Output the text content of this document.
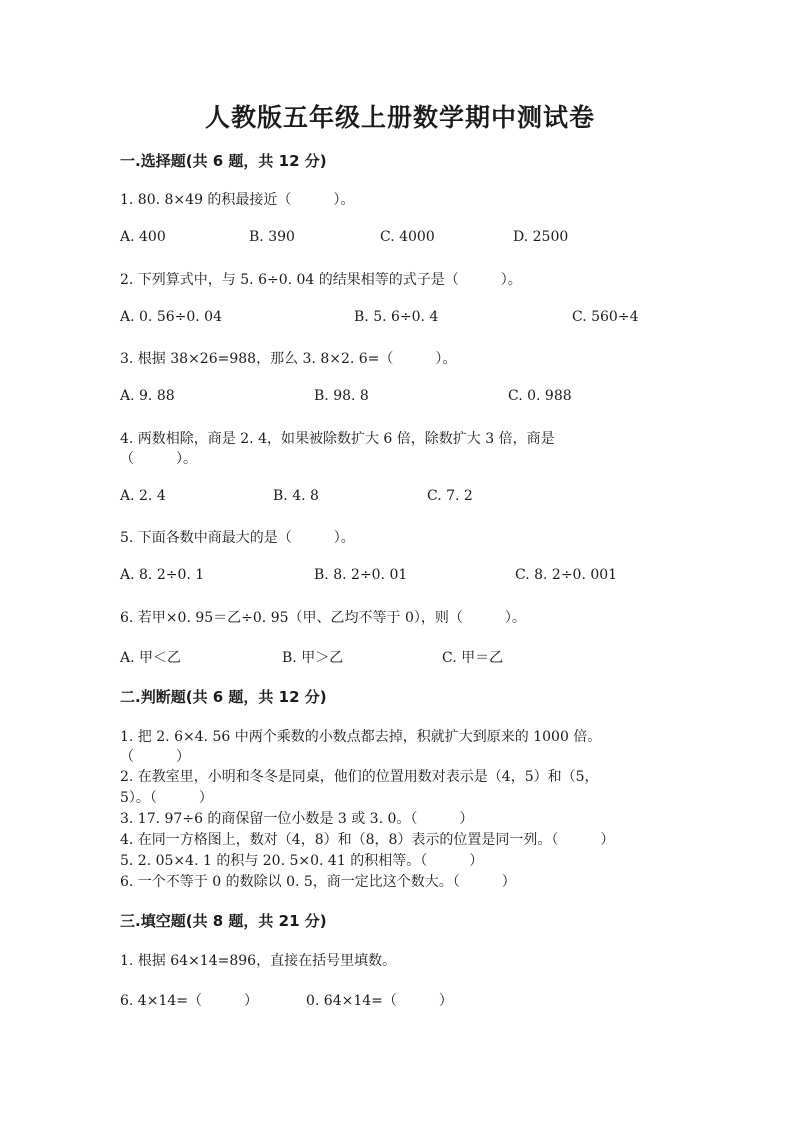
人教版五年级上册数学期中测试卷
一.选择题(共 6 题，共 12 分)
1. 80. 8×49 的积最接近（　　　）。
A. 400	B. 390	C. 4000	D. 2500
2. 下列算式中，与 5. 6÷0. 04 的结果相等的式子是（　　　）。
A. 0. 56÷0. 04	B. 5. 6÷0. 4	C. 560÷4
3. 根据 38×26=988，那么 3. 8×2. 6=（　　　）。
A. 9. 88	B. 98. 8	C. 0. 988
4. 两数相除，商是 2. 4，如果被除数扩大 6 倍，除数扩大 3 倍，商是
（　　　）。
A. 2. 4	B. 4. 8	C. 7. 2
5. 下面各数中商最大的是（　　　）。
A. 8. 2÷0. 1	B. 8. 2÷0. 01	C. 8. 2÷0. 001
6. 若甲×0. 95＝乙÷0. 95（甲、乙均不等于 0），则（　　　）。
A. 甲＜乙	B. 甲＞乙	C. 甲＝乙
二.判断题(共 6 题，共 12 分)
1. 把 2. 6×4. 56 中两个乘数的小数点都去掉，积就扩大到原来的 1000 倍。
（　　　）
2. 在教室里，小明和冬冬是同桌，他们的位置用数对表示是（4，5）和（5，
5）。（　　　）
3. 17. 97÷6 的商保留一位小数是 3 或 3. 0。（　　　）
4. 在同一方格图上，数对（4，8）和（8，8）表示的位置是同一列。（　　　）
5. 2. 05×4. 1 的积与 20. 5×0. 41 的积相等。（　　　）
6. 一个不等于 0 的数除以 0. 5，商一定比这个数大。（　　　）
三.填空题(共 8 题，共 21 分)
1. 根据 64×14=896，直接在括号里填数。
6. 4×14=（　　　）	0. 64×14=（　　　）
